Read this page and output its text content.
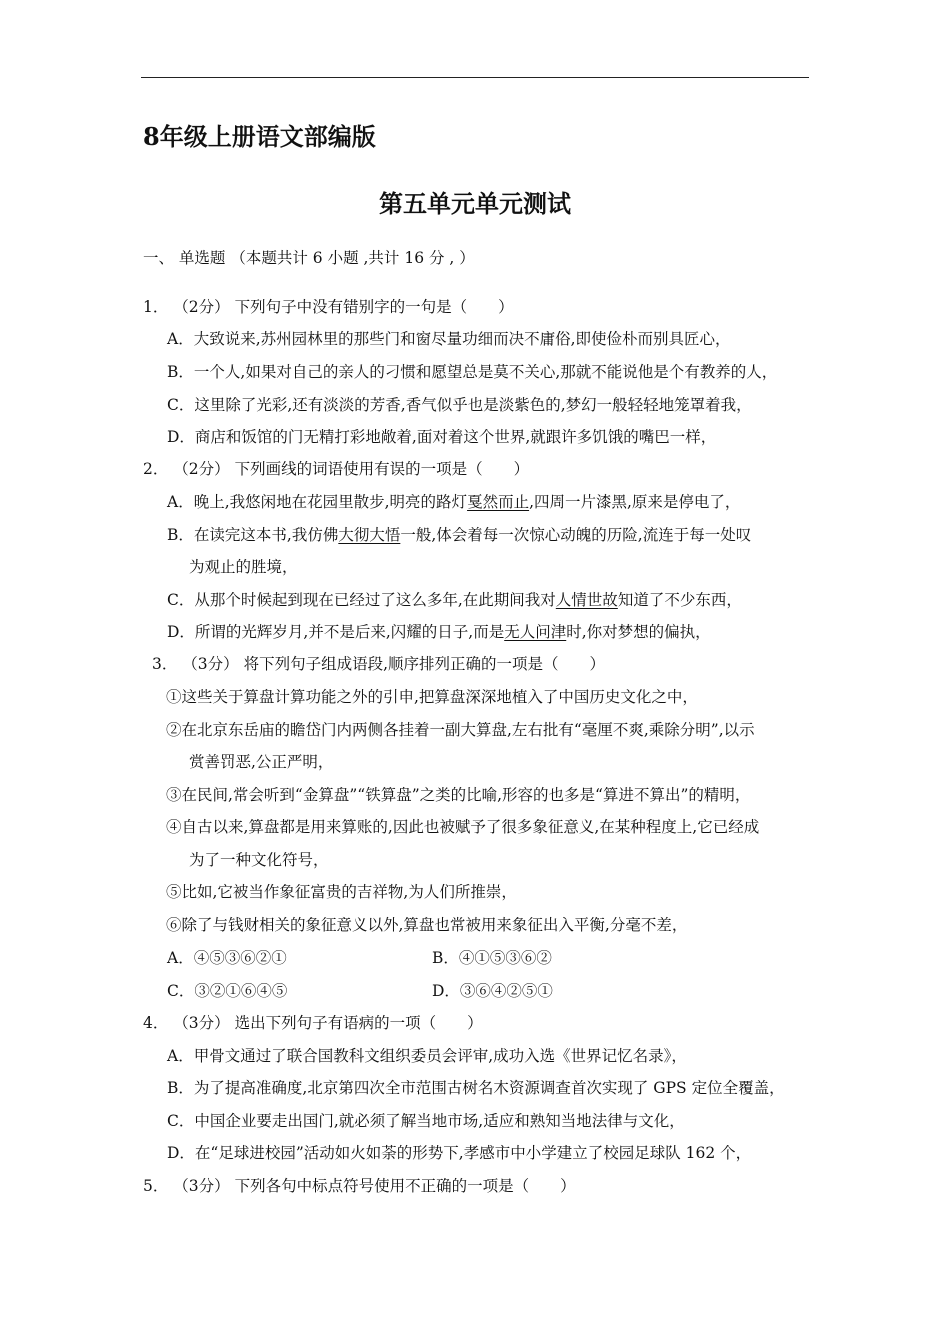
8年级上册语文部编版
第五单元单元测试
一、 单选题 （本题共计 6 小题 ,共计 16 分 , ）
1． （2分） 下列句子中没有错别字的一句是（　　）
A．大致说来,苏州园林里的那些门和窗尽量功细而决不庸俗,即使俭朴而别具匠心，
B．一个人,如果对自己的亲人的刁惯和愿望总是莫不关心,那就不能说他是个有教养的人，
C．这里除了光彩,还有淡淡的芳香,香气似乎也是淡紫色的,梦幻一般轻轻地笼罩着我，
D．商店和饭馆的门无精打彩地敞着,面对着这个世界,就跟许多饥饿的嘴巴一样，
2． （2分） 下列画线的词语使用有误的一项是（　　）
A．晚上,我悠闲地在花园里散步,明亮的路灯戛然而止,四周一片漆黑,原来是停电了，
B．在读完这本书,我仿佛大彻大悟一般,体会着每一次惊心动魄的历险,流连于每一处叹
为观止的胜境，
C．从那个时候起到现在已经过了这么多年,在此期间我对人情世故知道了不少东西，
D．所谓的光辉岁月,并不是后来,闪耀的日子,而是无人问津时,你对梦想的偏执，
3． （3分） 将下列句子组成语段,顺序排列正确的一项是（　　）
①这些关于算盘计算功能之外的引申,把算盘深深地植入了中国历史文化之中，
②在北京东岳庙的瞻岱门内两侧各挂着一副大算盘,左右批有“毫厘不爽,乘除分明”,以示
赏善罚恶,公正严明，
③在民间,常会听到“金算盘”“铁算盘”之类的比喻,形容的也多是“算进不算出”的精明，
④自古以来,算盘都是用来算账的,因此也被赋予了很多象征意义,在某种程度上,它已经成
为了一种文化符号，
⑤比如,它被当作象征富贵的吉祥物,为人们所推崇，
⑥除了与钱财相关的象征意义以外,算盘也常被用来象征出入平衡,分毫不差，
A．④⑤③⑥②①	B．④①⑤③⑥②
C．③②①⑥④⑤	D．③⑥④②⑤①
4． （3分） 选出下列句子有语病的一项（　　）
A．甲骨文通过了联合国教科文组织委员会评审,成功入选《世界记忆名录》，
B．为了提高准确度,北京第四次全市范围古树名木资源调查首次实现了 GPS 定位全覆盖，
C．中国企业要走出国门,就必须了解当地市场,适应和熟知当地法律与文化，
D．在“足球进校园”活动如火如荼的形势下,孝感市中小学建立了校园足球队 162 个，
5． （3分） 下列各句中标点符号使用不正确的一项是（　　）
